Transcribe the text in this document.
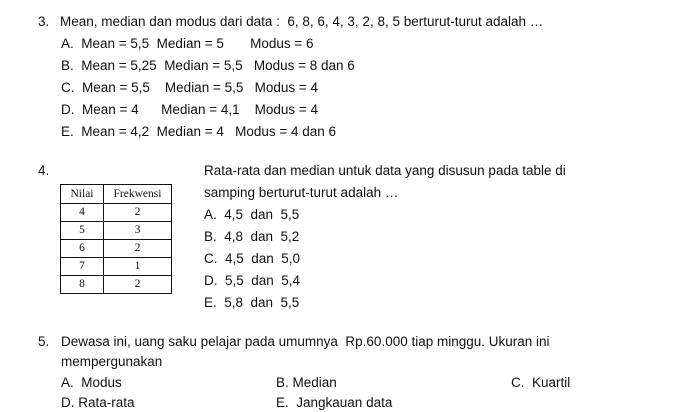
3. Mean, median dan modus dari data :  6, 8, 6, 4, 3, 2, 8, 5 berturut-turut adalah …
A.  Mean = 5,5  Median = 5       Modus = 6
B.  Mean = 5,25  Median = 5,5   Modus = 8 dan 6
C.  Mean = 5,5    Median = 5,5   Modus = 4
D.  Mean = 4      Median = 4,1    Modus = 4
E.  Mean = 4,2  Median = 4   Modus = 4 dan 6
4.	Rata-rata dan median untuk data yang disusun pada table di
samping berturut-turut adalah …
Nilai	Frekwensi
4	2
5	3
6	2
7	1
8	2
A.  4,5  dan  5,5
B.  4,8  dan  5,2
C.  4,5  dan  5,0
D.  5,5  dan  5,4
E.  5,8  dan  5,5
5. Dewasa ini, uang saku pelajar pada umumnya  Rp.60.000 tiap minggu. Ukuran ini
mempergunakan
A.  Modus	B. Median	C.  Kuartil
D. Rata-rata	E.  Jangkauan data
